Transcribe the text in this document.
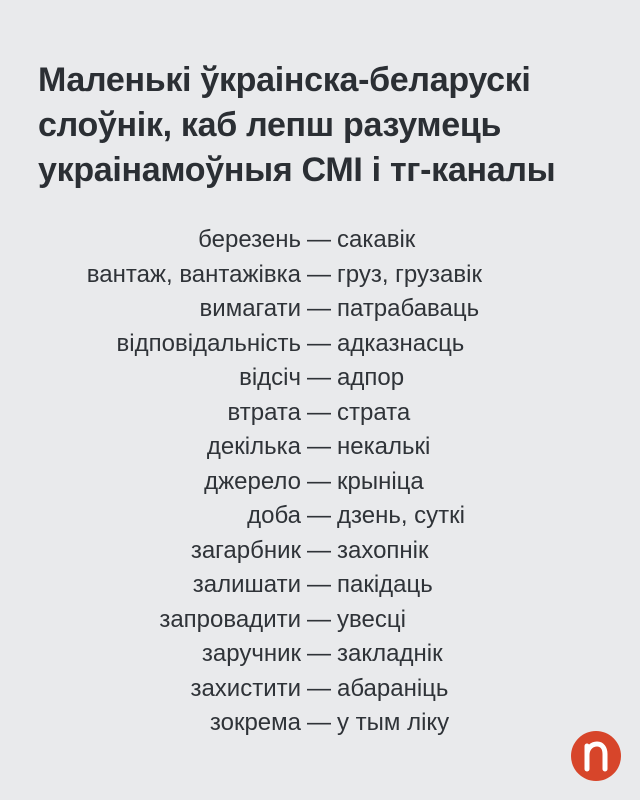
Маленькі ўкраінска-беларускі
слоўнік, каб лепш разумець
украінамоўныя СМІ і тг-каналы
березень — сакавік
вантаж, вантажівка — груз, грузавік
вимагати — патрабаваць
відповідальність — адказнасць
відсіч — адпор
втрата — страта
декілька — некалькі
джерело — крыніца
доба — дзень, суткі
загарбник — захопнік
залишати — пакідаць
запровадити — увесці
заручник — закладнік
захистити — абараніць
зокрема — у тым ліку
